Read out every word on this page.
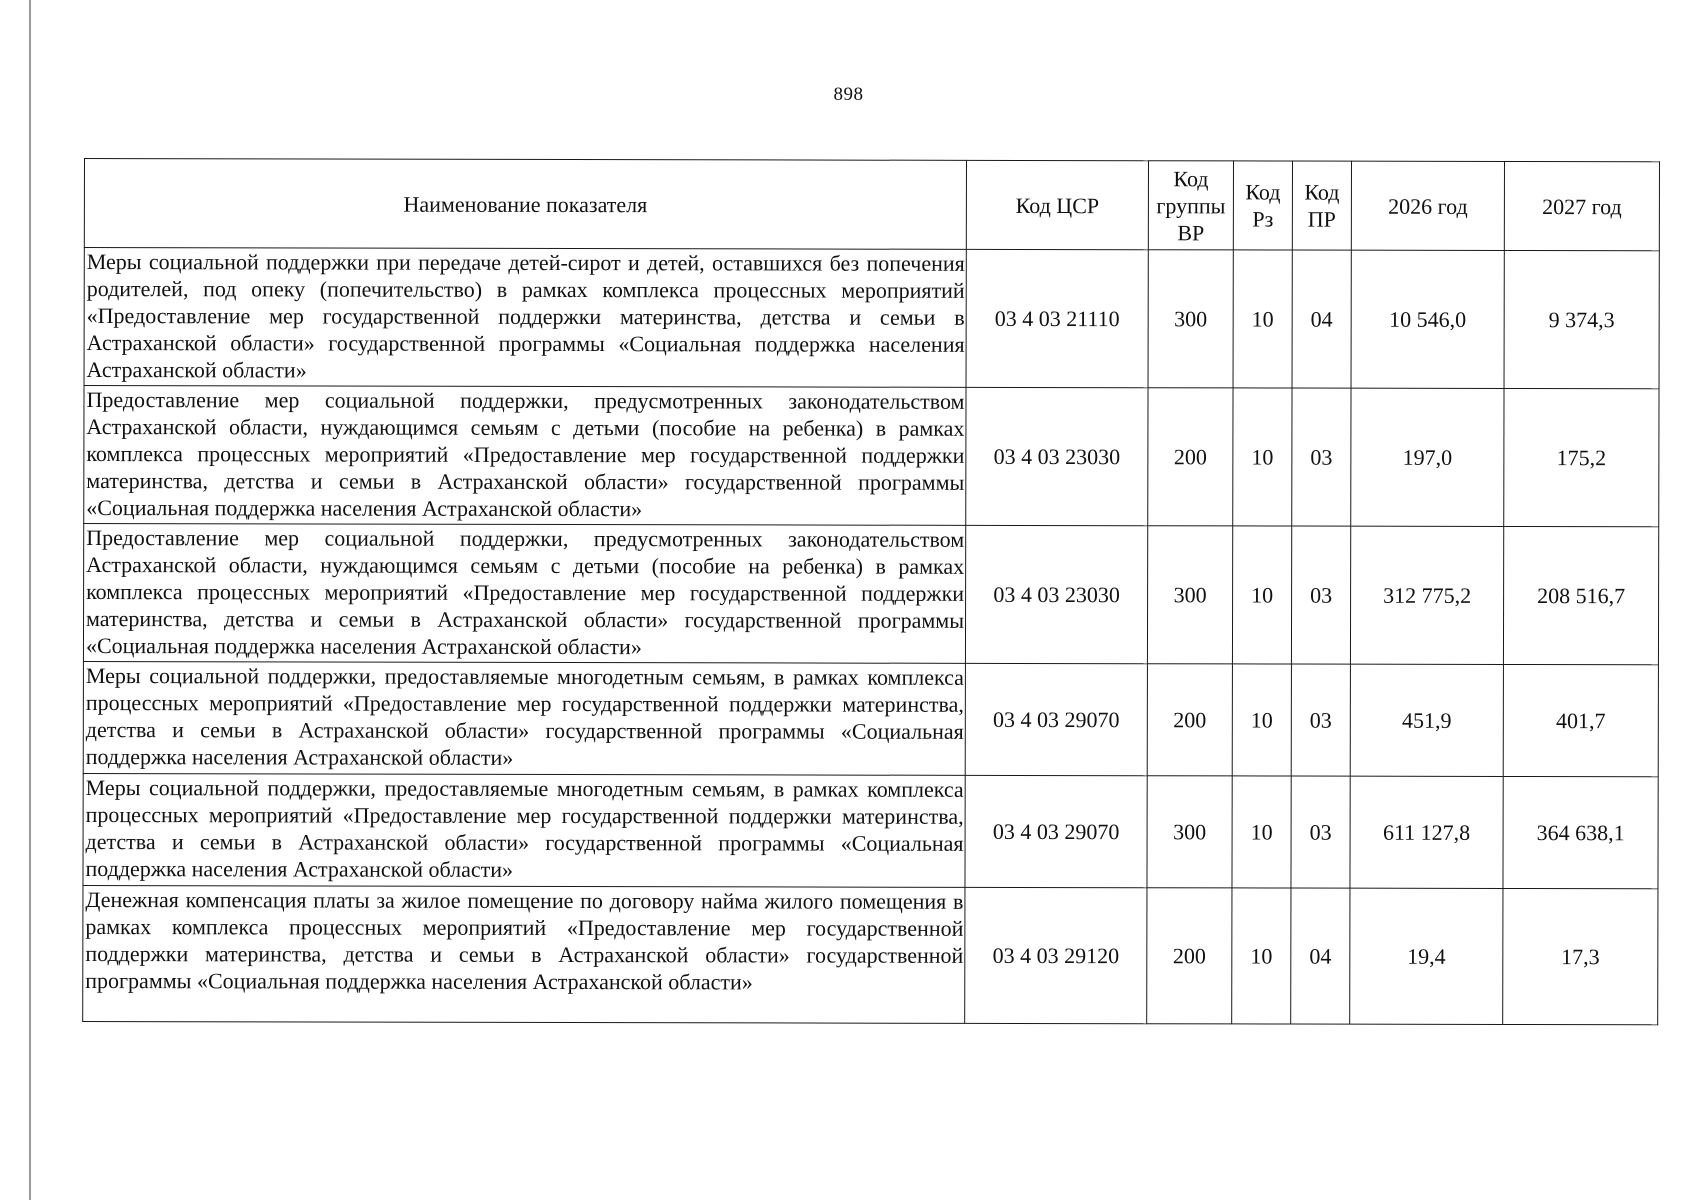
898
Наименование показателя	Код ЦСР	Код группы ВР	Код Рз	Код ПР	2026 год	2027 год
Меры социальной поддержки при передаче детей-сирот и детей, оставшихся без попечения родителей, под опеку (попечительство) в рамках комплекса процессных мероприятий «Предоставление мер государственной поддержки материнства, детства и семьи в Астраханской области» государственной программы «Социальная поддержка населения Астраханской области»	03 4 03 21110	300	10	04	10 546,0	9 374,3
Предоставление мер социальной поддержки, предусмотренных законодательством Астраханской области, нуждающимся семьям с детьми (пособие на ребенка) в рамках комплекса процессных мероприятий «Предоставление мер государственной поддержки материнства, детства и семьи в Астраханской области» государственной программы «Социальная поддержка населения Астраханской области»	03 4 03 23030	200	10	03	197,0	175,2
Предоставление мер социальной поддержки, предусмотренных законодательством Астраханской области, нуждающимся семьям с детьми (пособие на ребенка) в рамках комплекса процессных мероприятий «Предоставление мер государственной поддержки материнства, детства и семьи в Астраханской области» государственной программы «Социальная поддержка населения Астраханской области»	03 4 03 23030	300	10	03	312 775,2	208 516,7
Меры социальной поддержки, предоставляемые многодетным семьям, в рамках комплекса процессных мероприятий «Предоставление мер государственной поддержки материнства, детства и семьи в Астраханской области» государственной программы «Социальная поддержка населения Астраханской области»	03 4 03 29070	200	10	03	451,9	401,7
Меры социальной поддержки, предоставляемые многодетным семьям, в рамках комплекса процессных мероприятий «Предоставление мер государственной поддержки материнства, детства и семьи в Астраханской области» государственной программы «Социальная поддержка населения Астраханской области»	03 4 03 29070	300	10	03	611 127,8	364 638,1
Денежная компенсация платы за жилое помещение по договору найма жилого помещения в рамках комплекса процессных мероприятий «Предоставление мер государственной поддержки материнства, детства и семьи в Астраханской области» государственной программы «Социальная поддержка населения Астраханской области»	03 4 03 29120	200	10	04	19,4	17,3
